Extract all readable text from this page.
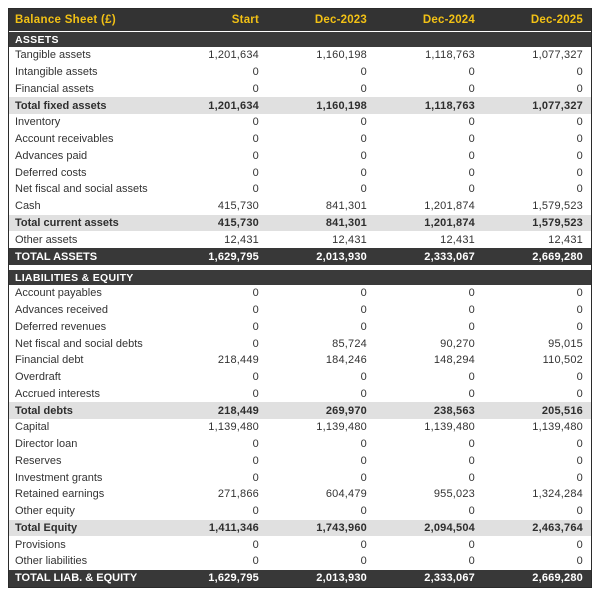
Balance Sheet (£)	Start	Dec-2023	Dec-2024	Dec-2025
ASSETS
Tangible assets	1,201,634	1,160,198	1,118,763	1,077,327
Intangible assets	0	0	0	0
Financial assets	0	0	0	0
Total fixed assets	1,201,634	1,160,198	1,118,763	1,077,327
Inventory	0	0	0	0
Account receivables	0	0	0	0
Advances paid	0	0	0	0
Deferred costs	0	0	0	0
Net fiscal and social assets	0	0	0	0
Cash	415,730	841,301	1,201,874	1,579,523
Total current assets	415,730	841,301	1,201,874	1,579,523
Other assets	12,431	12,431	12,431	12,431
TOTAL ASSETS	1,629,795	2,013,930	2,333,067	2,669,280
LIABILITIES & EQUITY
Account payables	0	0	0	0
Advances received	0	0	0	0
Deferred revenues	0	0	0	0
Net fiscal and social debts	0	85,724	90,270	95,015
Financial debt	218,449	184,246	148,294	110,502
Overdraft	0	0	0	0
Accrued interests	0	0	0	0
Total debts	218,449	269,970	238,563	205,516
Capital	1,139,480	1,139,480	1,139,480	1,139,480
Director loan	0	0	0	0
Reserves	0	0	0	0
Investment grants	0	0	0	0
Retained earnings	271,866	604,479	955,023	1,324,284
Other equity	0	0	0	0
Total Equity	1,411,346	1,743,960	2,094,504	2,463,764
Provisions	0	0	0	0
Other liabilities	0	0	0	0
TOTAL LIAB. & EQUITY	1,629,795	2,013,930	2,333,067	2,669,280
